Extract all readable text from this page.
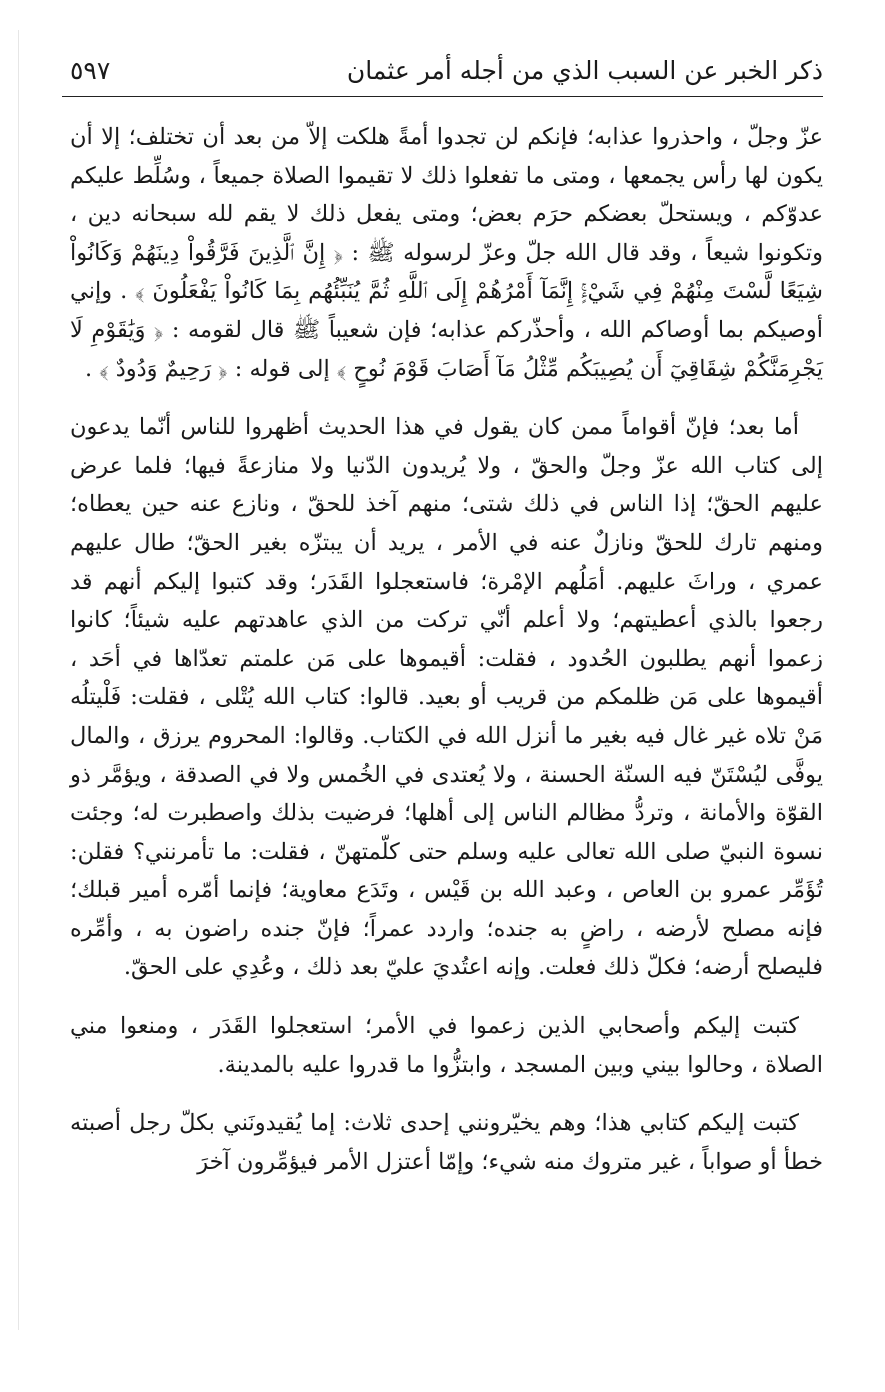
ذكر الخبر عن السبب الذي من أجله أمر عثمان
٥٩٧

عزّ وجلّ ، واحذروا عذابه؛ فإنكم لن تجدوا أمةً هلكت إلاّ من بعد أن تختلف؛ إلا أن يكون لها رأس يجمعها ، ومتى ما تفعلوا ذلك لا تقيموا الصلاة جميعاً ، وسُلِّط عليكم عدوّكم ، ويستحلّ بعضكم حرَم بعض؛ ومتى يفعل ذلك لا يقم لله سبحانه دين ، وتكونوا شيعاً ، وقد قال الله جلّ وعزّ لرسوله ﷺ : ﴿ إِنَّ ٱلَّذِينَ فَرَّقُواْ دِينَهُمْ وَكَانُواْ شِيَعًا لَّسْتَ مِنْهُمْ فِي شَيْءٍۚ إِنَّمَآ أَمْرُهُمْ إِلَى ٱللَّهِ ثُمَّ يُنَبِّئُهُم بِمَا كَانُواْ يَفْعَلُونَ ﴾ . وإني أوصيكم بما أوصاكم الله ، وأحذّركم عذابه؛ فإن شعيباً ﷺ قال لقومه : ﴿ وَيَٰقَوْمِ لَا يَجْرِمَنَّكُمْ شِقَاقِيٓ أَن يُصِيبَكُم مِّثْلُ مَآ أَصَابَ قَوْمَ نُوحٍ ﴾ إلى قوله : ﴿ رَحِيمٌ وَدُودٌ ﴾ .

أما بعد؛ فإنّ أقواماً ممن كان يقول في هذا الحديث أظهروا للناس أنّما يدعون إلى كتاب الله عزّ وجلّ والحقّ ، ولا يُريدون الدّنيا ولا منازعةً فيها؛ فلما عرض عليهم الحقّ؛ إذا الناس في ذلك شتى؛ منهم آخذ للحقّ ، ونازع عنه حين يعطاه؛ ومنهم تارك للحقّ ونازلٌ عنه في الأمر ، يريد أن يبتزّه بغير الحقّ؛ طال عليهم عمري ، وراثَ عليهم. أمَلُهم الإمْرة؛ فاستعجلوا القَدَر؛ وقد كتبوا إليكم أنهم قد رجعوا بالذي أعطيتهم؛ ولا أعلم أنّي تركت من الذي عاهدتهم عليه شيئاً؛ كانوا زعموا أنهم يطلبون الحُدود ، فقلت: أقيموها على مَن علمتم تعدّاها في أحَد ، أقيموها على مَن ظلمكم من قريب أو بعيد. قالوا: كتاب الله يُتْلى ، فقلت: فَلْيتلُه مَنْ تلاه غير غال فيه بغير ما أنزل الله في الكتاب. وقالوا: المحروم يرزق ، والمال يوفَّى ليُسْتَنّ فيه السنّة الحسنة ، ولا يُعتدى في الخُمس ولا في الصدقة ، ويؤمَّر ذو القوّة والأمانة ، وتردُّ مظالم الناس إلى أهلها؛ فرضيت بذلك واصطبرت له؛ وجئت نسوة النبيّ صلى الله تعالى عليه وسلم حتى كلّمتهنّ ، فقلت: ما تأمرنني؟ فقلن: تُؤَمِّر عمرو بن العاص ، وعبد الله بن قَيْس ، وتَدَع معاوية؛ فإنما أمّره أمير قبلك؛ فإنه مصلح لأرضه ، راضٍ به جنده؛ واردد عمراً؛ فإنّ جنده راضون به ، وأمِّره فليصلح أرضه؛ فكلّ ذلك فعلت. وإنه اعتُديَ عليّ بعد ذلك ، وعُدِي على الحقّ.

كتبت إليكم وأصحابي الذين زعموا في الأمر؛ استعجلوا القَدَر ، ومنعوا مني الصلاة ، وحالوا بيني وبين المسجد ، وابتزُّوا ما قدروا عليه بالمدينة.

كتبت إليكم كتابي هذا؛ وهم يخيّرونني إحدى ثلاث: إما يُقيدونَني بكلّ رجل أصبته خطأ أو صواباً ، غير متروك منه شيء؛ وإمّا أعتزل الأمر فيؤمِّرون آخرَ
